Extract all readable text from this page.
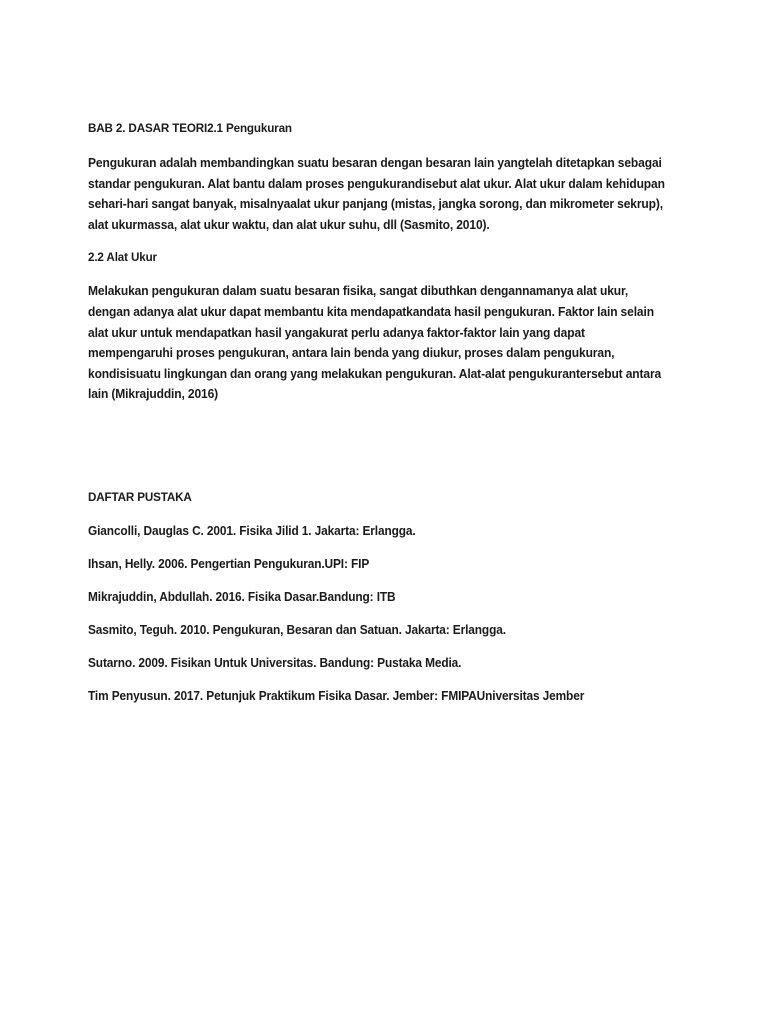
BAB 2. DASAR TEORI2.1 Pengukuran

Pengukuran adalah membandingkan suatu besaran dengan besaran lain yangtelah ditetapkan sebagai standar pengukuran. Alat bantu dalam proses pengukurandisebut alat ukur. Alat ukur dalam kehidupan sehari-hari sangat banyak, misalnyaalat ukur panjang (mistas, jangka sorong, dan mikrometer sekrup), alat ukurmassa, alat ukur waktu, dan alat ukur suhu, dll (Sasmito, 2010).

2.2 Alat Ukur

Melakukan pengukuran dalam suatu besaran fisika, sangat dibuthkan dengannamanya alat ukur, dengan adanya alat ukur dapat membantu kita mendapatkandata hasil pengukuran. Faktor lain selain alat ukur untuk mendapatkan hasil yangakurat perlu adanya faktor-faktor lain yang dapat mempengaruhi proses pengukuran, antara lain benda yang diukur, proses dalam pengukuran, kondisisuatu lingkungan dan orang yang melakukan pengukuran. Alat-alat pengukurantersebut antara lain (Mikrajuddin, 2016)

DAFTAR PUSTAKA

Giancolli, Dauglas C. 2001. Fisika Jilid 1. Jakarta: Erlangga.

Ihsan, Helly. 2006. Pengertian Pengukuran.UPI: FIP

Mikrajuddin, Abdullah. 2016. Fisika Dasar.Bandung: ITB

Sasmito, Teguh. 2010. Pengukuran, Besaran dan Satuan. Jakarta: Erlangga.

Sutarno. 2009. Fisikan Untuk Universitas. Bandung: Pustaka Media.

Tim Penyusun. 2017. Petunjuk Praktikum Fisika Dasar. Jember: FMIPAUniversitas Jember
